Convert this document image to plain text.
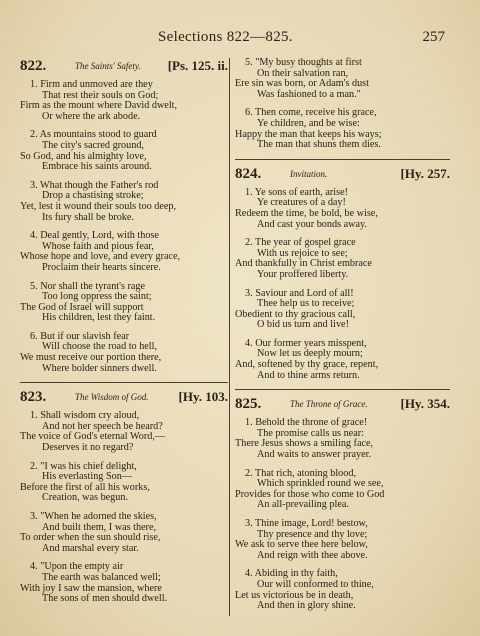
Selections 822—825.	257
822.	The Saints' Safety. [Ps. 125. ii.
1. Firm and unmoved are they
That rest their souls on God;
Firm as the mount where David dwelt,
Or where the ark abode.
2. As mountains stood to guard
The city's sacred ground,
So God, and his almighty love,
Embrace his saints around.
3. What though the Father's rod
Drop a chastising stroke;
Yet, lest it wound their souls too deep,
Its fury shall be broke.
4. Deal gently, Lord, with those
Whose faith and pious fear,
Whose hope and love, and every grace,
Proclaim their hearts sincere.
5. Nor shall the tyrant's rage
Too long oppress the saint;
The God of Israel will support
His children, lest they faint.
6. But if our slavish fear
Will choose the road to hell,
We must receive our portion there,
Where bolder sinners dwell.
823.	The Wisdom of God. [Hy. 103.
1. Shall wisdom cry aloud,
And not her speech be heard?
The voice of God's eternal Word,—
Deserves it no regard?
2. "I was his chief delight,
His everlasting Son—
Before the first of all his works,
Creation, was begun.
3. "When he adorned the skies,
And built them, I was there,
To order when the sun should rise,
And marshal every star.
4. "Upon the empty air
The earth was balanced well;
With joy I saw the mansion, where
The sons of men should dwell.
5. "My busy thoughts at first
On their salvation ran,
Ere sin was born, or Adam's dust
Was fashioned to a man."
6. Then come, receive his grace,
Ye children, and be wise:
Happy the man that keeps his ways;
The man that shuns them dies.
824.	Invitation.	[Hy. 257.
1. Ye sons of earth, arise!
Ye creatures of a day!
Redeem the time, be bold, be wise,
And cast your bonds away.
2. The year of gospel grace
With us rejoice to see;
And thankfully in Christ embrace
Your proffered liberty.
3. Saviour and Lord of all!
Thee help us to receive;
Obedient to thy gracious call,
O bid us turn and live!
4. Our former years misspent,
Now let us deeply mourn;
And, softened by thy grace, repent,
And to thine arms return.
825.	The Throne of Grace.	[Hy. 354.
1. Behold the throne of grace!
The promise calls us near:
There Jesus shows a smiling face,
And waits to answer prayer.
2. That rich, atoning blood,
Which sprinkled round we see,
Provides for those who come to God
An all-prevailing plea.
3. Thine image, Lord! bestow,
Thy presence and thy love;
We ask to serve thee here below,
And reign with thee above.
4. Abiding in thy faith,
Our will conformed to thine,
Let us victorious be in death,
And then in glory shine.
